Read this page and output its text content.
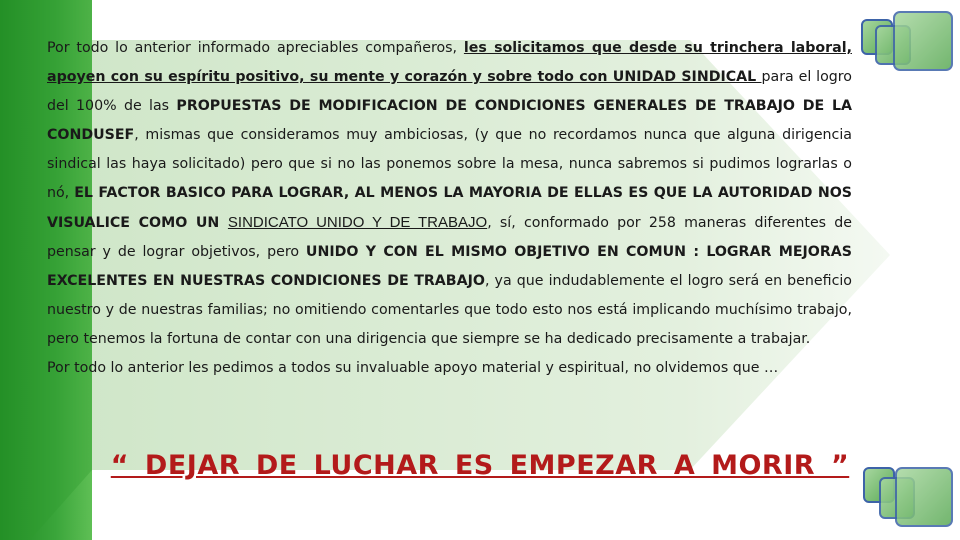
Por todo lo anterior informado apreciables compañeros, les solicitamos que desde su trinchera laboral, apoyen con su espíritu positivo, su mente y corazón y sobre todo con UNIDAD SINDICAL para el logro del 100% de las PROPUESTAS DE MODIFICACION DE CONDICIONES GENERALES DE TRABAJO DE LA CONDUSEF, mismas que consideramos muy ambiciosas, (y que no recordamos nunca que alguna dirigencia sindical las haya solicitado) pero que si no las ponemos sobre la mesa, nunca sabremos si pudimos lograrlas o nó, EL FACTOR BASICO PARA LOGRAR, AL MENOS LA MAYORIA DE ELLAS ES QUE LA AUTORIDAD NOS VISUALICE COMO UN SINDICATO UNIDO Y DE TRABAJO, sí, conformado por 258 maneras diferentes de pensar y de lograr objetivos, pero UNIDO Y CON EL MISMO OBJETIVO EN COMUN : LOGRAR MEJORAS EXCELENTES EN NUESTRAS CONDICIONES DE TRABAJO, ya que indudablemente el logro será en beneficio nuestro y de nuestras familias; no omitiendo comentarles que todo esto nos está implicando muchísimo trabajo, pero tenemos la fortuna de contar con una dirigencia que siempre se ha dedicado precisamente a trabajar.

Por todo lo anterior les pedimos a todos su invaluable apoyo material y espiritual, no olvidemos que …

“ DEJAR DE LUCHAR ES EMPEZAR A MORIR ”
